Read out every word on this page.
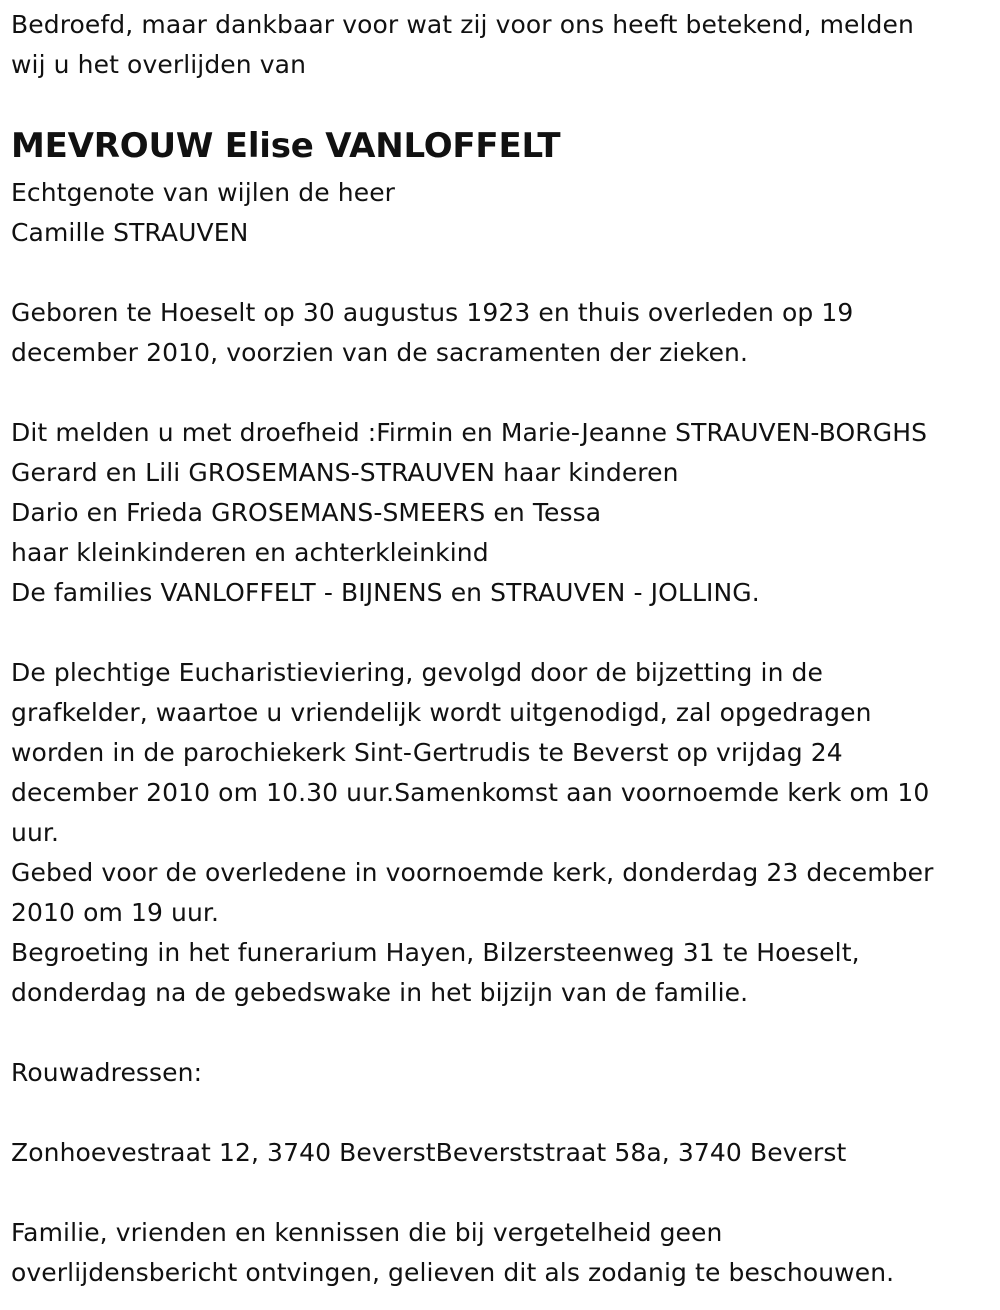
Bedroefd, maar dankbaar voor wat zij voor ons heeft betekend, melden
wij u het overlijden van
MEVROUW Elise VANLOFFELT
Echtgenote van wijlen de heer
Camille STRAUVEN
Geboren te Hoeselt op 30 augustus 1923 en thuis overleden op 19
december 2010, voorzien van de sacramenten der zieken.
Dit melden u met droefheid :Firmin en Marie-Jeanne STRAUVEN-BORGHS
Gerard en Lili GROSEMANS-STRAUVEN haar kinderen
Dario en Frieda GROSEMANS-SMEERS en Tessa
haar kleinkinderen en achterkleinkind
De families VANLOFFELT - BIJNENS en STRAUVEN - JOLLING.
De plechtige Eucharistieviering, gevolgd door de bijzetting in de
grafkelder, waartoe u vriendelijk wordt uitgenodigd, zal opgedragen
worden in de parochiekerk Sint-Gertrudis te Beverst op vrijdag 24
december 2010 om 10.30 uur.Samenkomst aan voornoemde kerk om 10
uur.
Gebed voor de overledene in voornoemde kerk, donderdag 23 december
2010 om 19 uur.
Begroeting in het funerarium Hayen, Bilzersteenweg 31 te Hoeselt,
donderdag na de gebedswake in het bijzijn van de familie.
Rouwadressen:
Zonhoevestraat 12, 3740 BeverstBeverststraat 58a, 3740 Beverst
Familie, vrienden en kennissen die bij vergetelheid geen
overlijdensbericht ontvingen, gelieven dit als zodanig te beschouwen.
